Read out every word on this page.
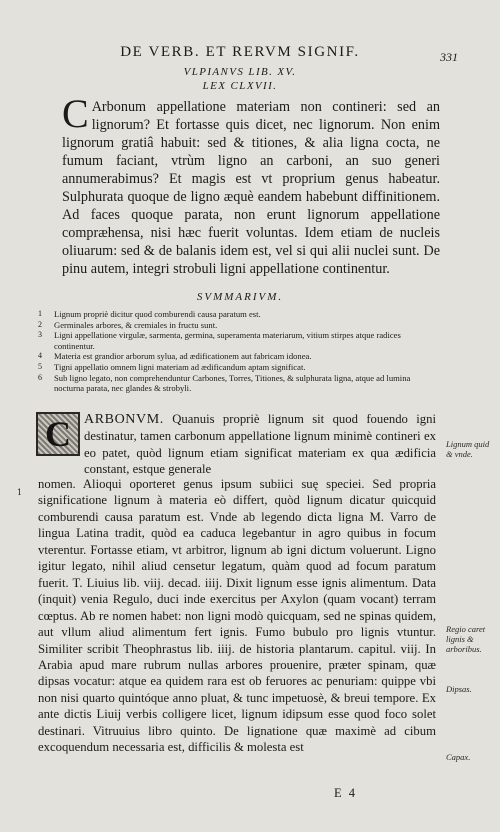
DE VERB. ET RERVM SIGNIF.	331
VLPIANVS LIB. XV.
LEX CLXVII.
C Arbonum appellatione materiam non contineri: sed an lignorum? Et fortasse quis dicet, nec lignorum. Non enim lignorum gratiâ habuit: sed & titiones, & alia ligna cocta, ne fumum faciant, vtrùm ligno an carboni, an suo generi annumerabimus? Et magis est vt proprium genus habeatur. Sulphurata quoque de ligno æquè eandem habebunt diffinitionem. Ad faces quoque parata, non erunt lignorum appellatione compræhensa, nisi hæc fuerit voluntas. Idem etiam de nucleis oliuarum: sed & de balanis idem est, vel si qui alii nuclei sunt. De pinu autem, integri strobuli ligni appellatione continentur.
SVMMARIVM.
1 Lignum propriè dicitur quod comburendi causa paratum est.
2 Germinales arbores, & cremiales in fructu sunt.
3 Ligni appellatione virgulæ, sarmenta, germina, superamenta materiarum, vitium stirpes atque radices continentur.
4 Materia est grandior arborum sylua, ad ædificationem aut fabricam idonea.
5 Tigni appellatio omnem ligni materiam ad ædificandum aptam significat.
6 Sub ligno legato, non comprehenduntur Carbones, Torres, Titiones, & sulphurata ligna, atque ad lumina nocturna parata, nec glandes & strobyli.
C ARBONVM. Quanuis propriè lignum sit quod fouendo igni destinatur, tamen carbonum appellatione lignum minimè contineri ex eo patet, quòd lignum etiam significat materiam ex qua ædificia constant, estque generale
nomen. Alioqui oporteret genus ipsum subiici suę speciei. Sed propria significatione lignum à materia eò differt, quòd lignum dicatur quicquid comburendi causa paratum est. Vnde ab legendo dicta ligna M. Varro de lingua Latina tradit, quòd ea caduca legebantur in agro quibus in focum vterentur. Fortasse etiam, vt arbitror, lignum ab igni dictum voluerunt. Ligno igitur legato, nihil aliud censetur legatum, quàm quod ad focum paratum fuerit. T. Liuius lib. viij. decad. iiij. Dixit lignum esse ignis alimentum. Data (inquit) venia Regulo, duci inde exercitus per Axylon (quam vocant) terram cœptus. Ab re nomen habet: non ligni modò quicquam, sed ne spinas quidem, aut vllum aliud alimentum fert ignis. Fumo bubulo pro lignis vtuntur. Similiter scribit Theophrastus lib. iiij. de historia plantarum. capitul. viij. In Arabia apud mare rubrum nullas arbores prouenire, præter spinam, quæ dipsas vocatur: atque ea quidem rara est ob feruores ac penuriam: quippe vbi non nisi quarto quintóque anno pluat, & tunc impetuosè, & breui tempore. Ex ante dictis Liuij verbis colligere licet, lignum idipsum esse quod foco solet destinari. Vitruuius libro quinto. De lignatione quæ maximè ad cibum excoquendum necessaria est, difficilis & molesta est
1
Lignum quid & vnde.
Regio caret lignis & arboribus.
Dipsas.
Capax.
E 4
